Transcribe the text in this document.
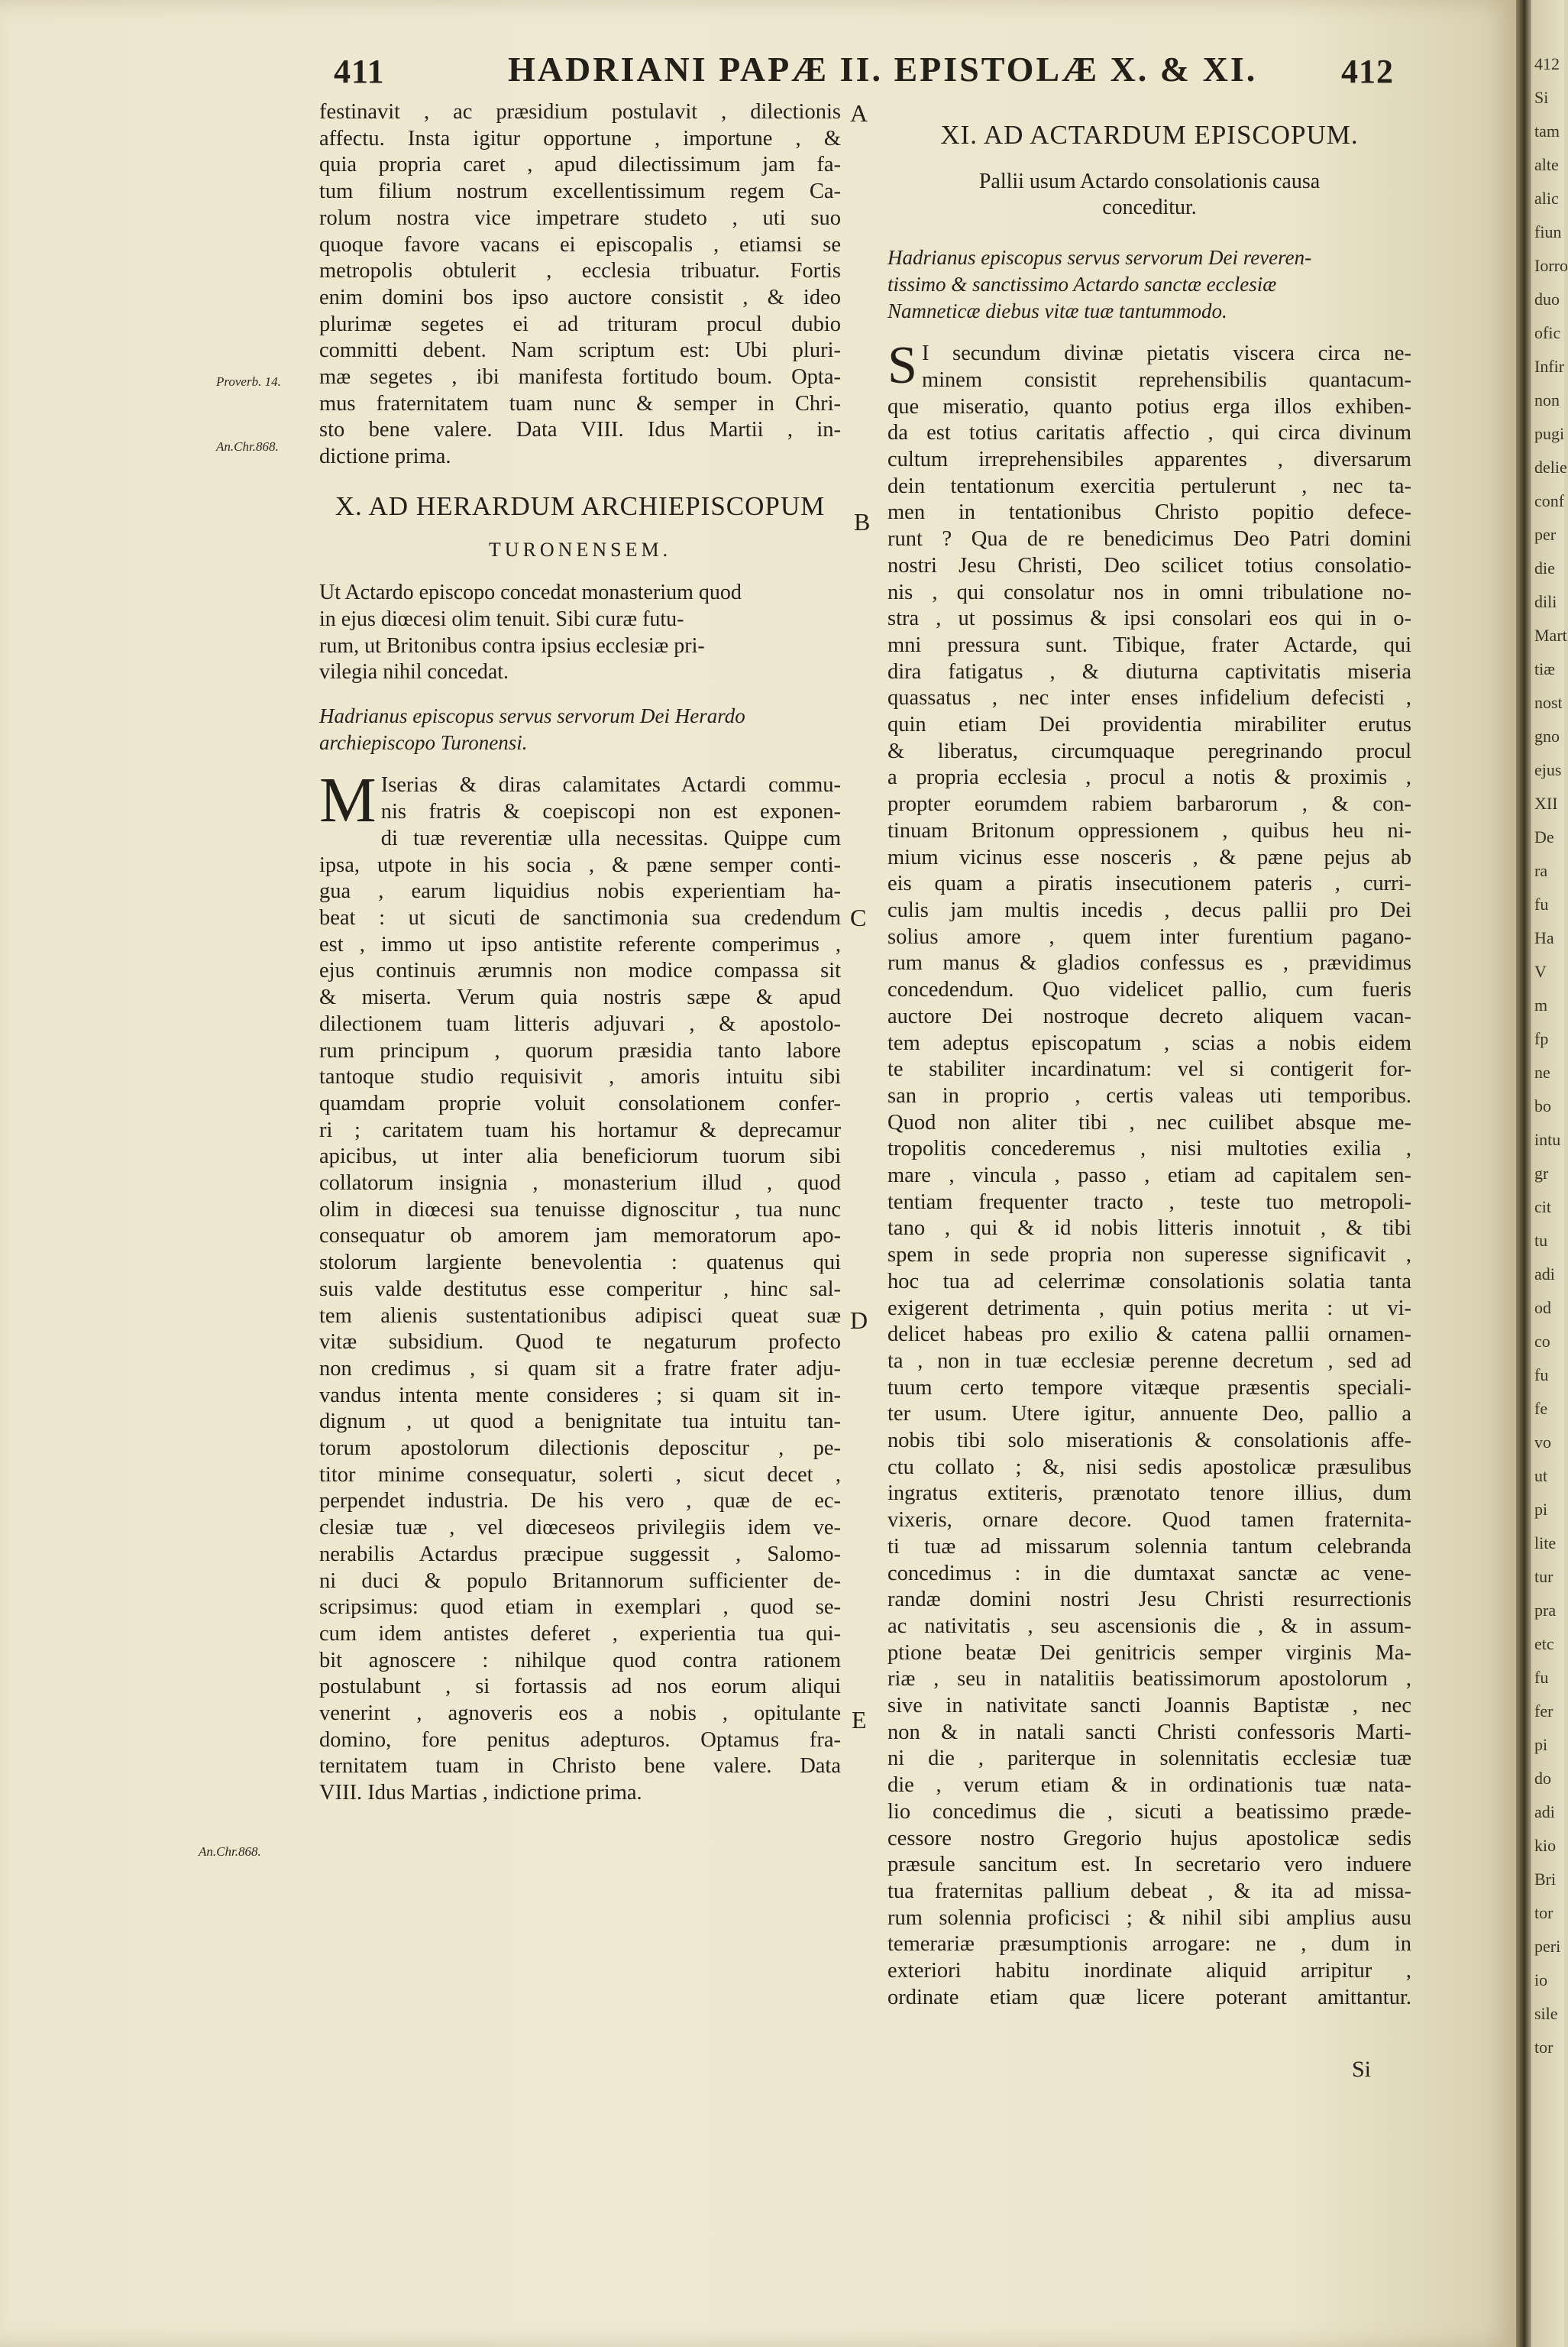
411	HADRIANI PAPÆ II. EPISTOLÆ X. & XI. 412
Proverb. 14.
An.Chr.868.
An.Chr.868.
A
B
C
D
E
festinavit , ac præsidium postulavit , dilectionis
affectu. Insta igitur opportune , importune , &
quia propria caret , apud dilectissimum jam fa-
tum filium nostrum excellentissimum regem Ca-
rolum nostra vice impetrare studeto , uti suo
quoque favore vacans ei episcopalis , etiamsi se
metropolis obtulerit , ecclesia tribuatur. Fortis
enim domini bos ipso auctore consistit , & ideo
plurimæ segetes ei ad trituram procul dubio
committi debent. Nam scriptum est: Ubi pluri-
mæ segetes , ibi manifesta fortitudo boum. Opta-
mus fraternitatem tuam nunc & semper in Chri-
sto bene valere. Data VIII. Idus Martii , in-
dictione prima.

X. AD HERARDUM ARCHIEPISCOPUM

TURONENSEM.

Ut Actardo episcopo concedat monasterium quod
in ejus diœcesi olim tenuit. Sibi curæ futu-
rum, ut Britonibus contra ipsius ecclesiæ pri-
vilegia nihil concedat.
Hadrianus episcopus servus servorum Dei Herardo
archiepiscopo Turonensi.
M Iserias & diras calamitates Actardi commu-
nis fratris & coepiscopi non est exponen-
di tuæ reverentiæ ulla necessitas. Quippe cum
ipsa, utpote in his socia , & pæne semper conti-
gua , earum liquidius nobis experientiam ha-
beat : ut sicuti de sanctimonia sua credendum
est , immo ut ipso antistite referente comperimus ,
ejus continuis ærumnis non modice compassa sit
& miserta. Verum quia nostris sæpe & apud
dilectionem tuam litteris adjuvari , & apostolo-
rum principum , quorum præsidia tanto labore
tantoque studio requisivit , amoris intuitu sibi
quamdam proprie voluit consolationem confer-
ri ; caritatem tuam his hortamur & deprecamur
apicibus, ut inter alia beneficiorum tuorum sibi
collatorum insignia , monasterium illud , quod
olim in diœcesi sua tenuisse dignoscitur , tua nunc
consequatur ob amorem jam memoratorum apo-
stolorum largiente benevolentia : quatenus qui
suis valde destitutus esse comperitur , hinc sal-
tem alienis sustentationibus adipisci queat suæ
vitæ subsidium. Quod te negaturum profecto
non credimus , si quam sit a fratre frater adju-
vandus intenta mente consideres ; si quam sit in-
dignum , ut quod a benignitate tua intuitu tan-
torum apostolorum dilectionis deposcitur , pe-
titor minime consequatur, solerti , sicut decet ,
perpendet industria. De his vero , quæ de ec-
clesiæ tuæ , vel diœceseos privilegiis idem ve-
nerabilis Actardus præcipue suggessit , Salomo-
ni duci & populo Britannorum sufficienter de-
scripsimus: quod etiam in exemplari , quod se-
cum idem antistes deferet , experientia tua qui-
bit agnoscere : nihilque quod contra rationem
postulabunt , si fortassis ad nos eorum aliqui
venerint , agnoveris eos a nobis , opitulante
domino, fore penitus adepturos. Optamus fra-
ternitatem tuam in Christo bene valere. Data
VIII. Idus Martias , indictione prima.

XI. AD ACTARDUM EPISCOPUM.

Pallii usum Actardo consolationis causa
conceditur.
Hadrianus episcopus servus servorum Dei reveren-
tissimo & sanctissimo Actardo sanctæ ecclesiæ
Namneticæ diebus vitæ tuæ tantummodo.
S I secundum divinæ pietatis viscera circa ne-
minem consistit reprehensibilis quantacum-
que miseratio, quanto potius erga illos exhiben-
da est totius caritatis affectio , qui circa divinum
cultum irreprehensibiles apparentes , diversarum
dein tentationum exercitia pertulerunt , nec ta-
men in tentationibus Christo popitio defece-
runt ? Qua de re benedicimus Deo Patri domini
nostri Jesu Christi, Deo scilicet totius consolatio-
nis , qui consolatur nos in omni tribulatione no-
stra , ut possimus & ipsi consolari eos qui in o-
mni pressura sunt. Tibique, frater Actarde, qui
dira fatigatus , & diuturna captivitatis miseria
quassatus , nec inter enses infidelium defecisti ,
quin etiam Dei providentia mirabiliter erutus
& liberatus, circumquaque peregrinando procul
a propria ecclesia , procul a notis & proximis ,
propter eorumdem rabiem barbarorum , & con-
tinuam Britonum oppressionem , quibus heu ni-
mium vicinus esse nosceris , & pæne pejus ab
eis quam a piratis insecutionem pateris , curri-
culis jam multis incedis , decus pallii pro Dei
solius amore , quem inter furentium pagano-
rum manus & gladios confessus es , prævidimus
concedendum. Quo videlicet pallio, cum fueris
auctore Dei nostroque decreto aliquem vacan-
tem adeptus episcopatum , scias a nobis eidem
te stabiliter incardinatum: vel si contigerit for-
san in proprio , certis valeas uti temporibus.
Quod non aliter tibi , nec cuilibet absque me-
tropolitis concederemus , nisi multoties exilia ,
mare , vincula , passo , etiam ad capitalem sen-
tentiam frequenter tracto , teste tuo metropoli-
tano , qui & id nobis litteris innotuit , & tibi
spem in sede propria non superesse significavit ,
hoc tua ad celerrimæ consolationis solatia tanta
exigerent detrimenta , quin potius merita : ut vi-
delicet habeas pro exilio & catena pallii ornamen-
ta , non in tuæ ecclesiæ perenne decretum , sed ad
tuum certo tempore vitæque præsentis speciali-
ter usum. Utere igitur, annuente Deo, pallio a
nobis tibi solo miserationis & consolationis affe-
ctu collato ; &, nisi sedis apostolicæ præsulibus
ingratus extiteris, prænotato tenore illius, dum
vixeris, ornare decore. Quod tamen fraternita-
ti tuæ ad missarum solennia tantum celebranda
concedimus : in die dumtaxat sanctæ ac vene-
randæ domini nostri Jesu Christi resurrectionis
ac nativitatis , seu ascensionis die , & in assum-
ptione beatæ Dei genitricis semper virginis Ma-
riæ , seu in natalitiis beatissimorum apostolorum ,
sive in nativitate sancti Joannis Baptistæ , nec
non & in natali sancti Christi confessoris Marti-
ni die , pariterque in solennitatis ecclesiæ tuæ
die , verum etiam & in ordinationis tuæ nata-
lio concedimus die , sicuti a beatissimo præde-
cessore nostro Gregorio hujus apostolicæ sedis
præsule sancitum est. In secretario vero induere
tua fraternitas pallium debeat , & ita ad missa-
rum solennia proficisci ; & nihil sibi amplius ausu
temerariæ præsumptionis arrogare: ne , dum in
exteriori habitu inordinate aliquid arripitur ,
ordinate etiam quæ licere poterant amittantur.
Si
412
Si
tam
alte
alic
fiun
Iorro
duo
ofic
Infir
non
pugi
delie
conf
per
die
dili
Mart
tiæ
nost
gno
ejus
XII
De
ra
fu
Ha
V
m
fp
ne
bo
intu
gr
cit
tu
adi
od
co
fu
fe
vo
ut
pi
lite
tur
pra
etc
fu
fer
pi
do
adi
kio
Bri
tor
peri
io
sile
tor
